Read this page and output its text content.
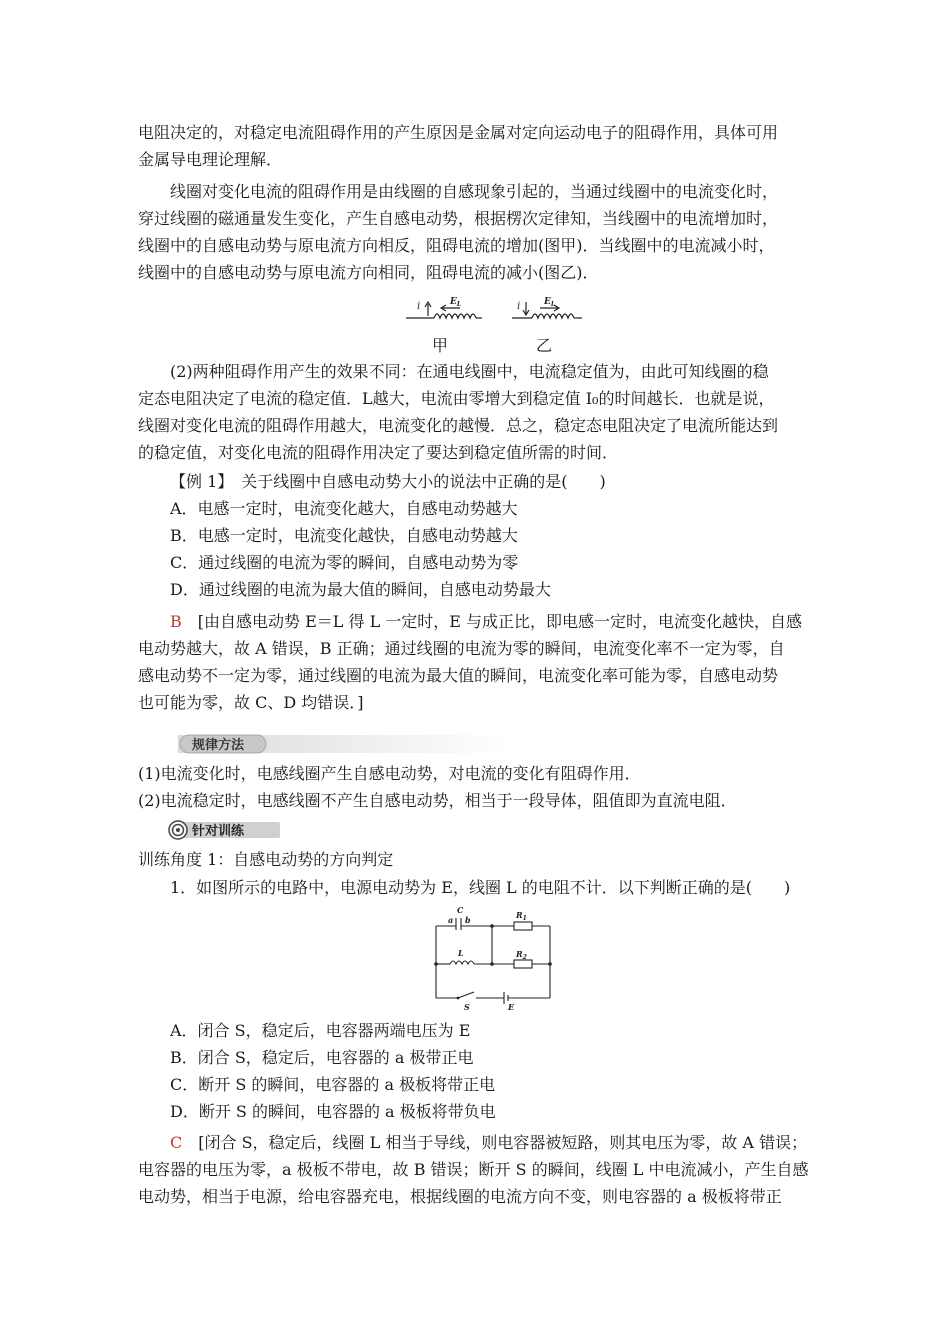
电阻决定的，对稳定电流阻碍作用的产生原因是金属对定向运动电子的阻碍作用，具体可用
金属导电理论理解．
线圈对变化电流的阻碍作用是由线圈的自感现象引起的，当通过线圈中的电流变化时，
穿过线圈的磁通量发生变化，产生自感电动势，根据楞次定律知，当线圈中的电流增加时，
线圈中的自感电动势与原电流方向相反，阻碍电流的增加(图甲)．当线圈中的电流减小时，
线圈中的自感电动势与原电流方向相同，阻碍电流的减小(图乙)．
i	$E_L$	i	$E_L$
甲	乙
(2)两种阻碍作用产生的效果不同：在通电线圈中，电流稳定值为，由此可知线圈的稳
定态电阻决定了电流的稳定值．L越大，电流由零增大到稳定值 I₀的时间越长．也就是说，
线圈对变化电流的阻碍作用越大，电流变化的越慢．总之，稳定态电阻决定了电流所能达到
的稳定值，对变化电流的阻碍作用决定了要达到稳定值所需的时间．
【例 1】　关于线圈中自感电动势大小的说法中正确的是(　　)
A．电感一定时，电流变化越大，自感电动势越大
B．电感一定时，电流变化越快，自感电动势越大
C．通过线圈的电流为零的瞬间，自感电动势为零
D．通过线圈的电流为最大值的瞬间，自感电动势最大
B　[由自感电动势 E＝L 得 L 一定时，E 与成正比，即电感一定时，电流变化越快，自感
电动势越大，故 A 错误，B 正确；通过线圈的电流为零的瞬间，电流变化率不一定为零，自
感电动势不一定为零，通过线圈的电流为最大值的瞬间，电流变化率可能为零，自感电动势
也可能为零，故 C、D 均错误．]
规律方法
(1)电流变化时，电感线圈产生自感电动势，对电流的变化有阻碍作用．
(2)电流稳定时，电感线圈不产生自感电动势，相当于一段导体，阻值即为直流电阻．
针对训练
训练角度 1：自感电动势的方向判定
1．如图所示的电路中，电源电动势为 E，线圈 L 的电阻不计．以下判断正确的是(　　)
C
a b	$R_1$
L	$R_2$
S	E
A．闭合 S，稳定后，电容器两端电压为 E
B．闭合 S，稳定后，电容器的 a 极带正电
C．断开 S 的瞬间，电容器的 a 极板将带正电
D．断开 S 的瞬间，电容器的 a 极板将带负电
C　[闭合 S，稳定后，线圈 L 相当于导线，则电容器被短路，则其电压为零，故 A 错误；
电容器的电压为零，a 极板不带电，故 B 错误；断开 S 的瞬间，线圈 L 中电流减小，产生自感
电动势，相当于电源，给电容器充电，根据线圈的电流方向不变，则电容器的 a 极板将带正
